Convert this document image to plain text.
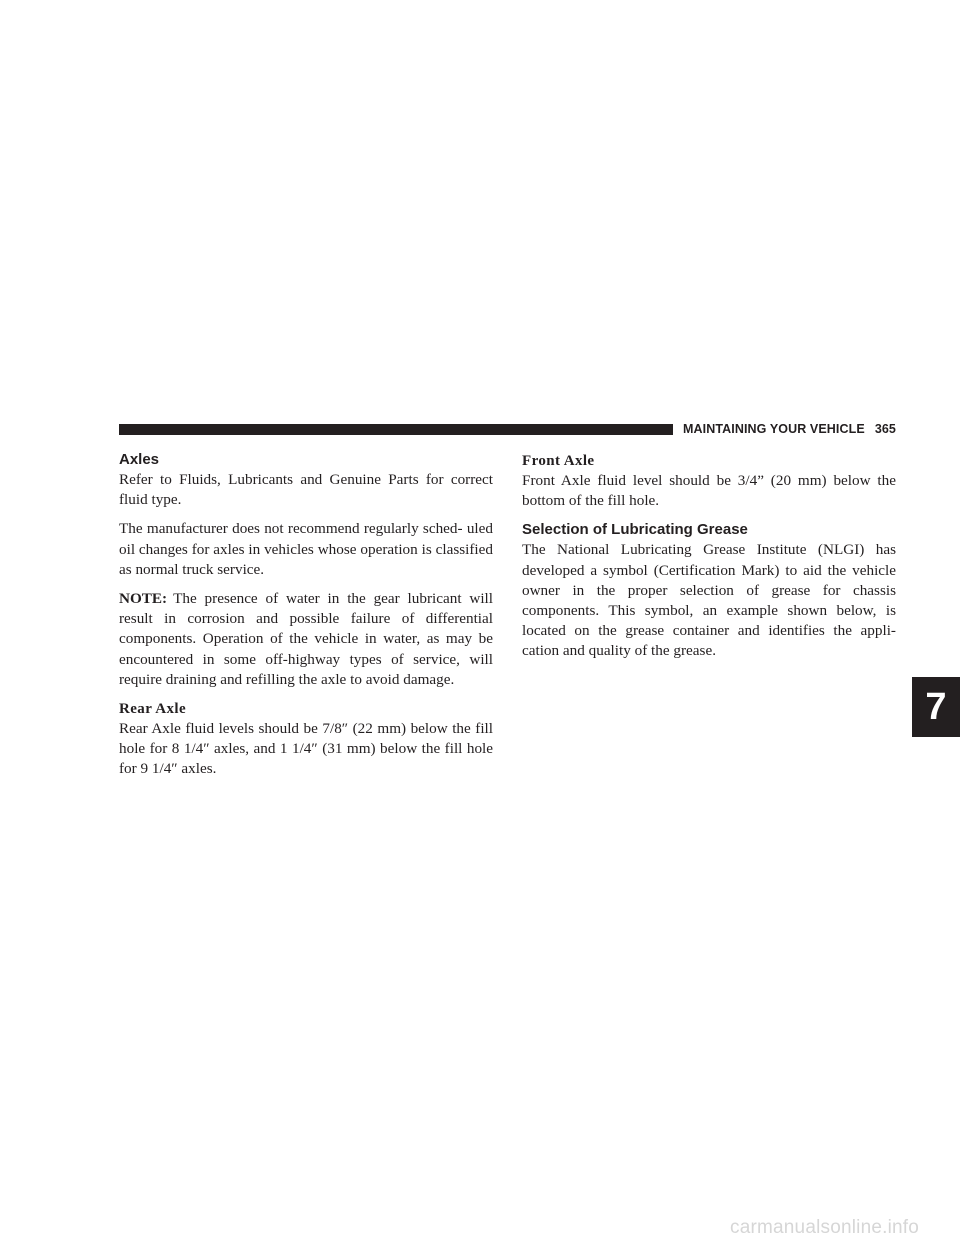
MAINTAINING YOUR VEHICLE 365
Axles

Refer to Fluids, Lubricants and Genuine Parts for correct fluid type.

The manufacturer does not recommend regularly sched- uled oil changes for axles in vehicles whose operation is classified as normal truck service.

NOTE: The presence of water in the gear lubricant will result in corrosion and possible failure of differential components. Operation of the vehicle in water, as may be encountered in some off-highway types of service, will require draining and refilling the axle to avoid damage.

Rear Axle

Rear Axle fluid levels should be 7/8″ (22 mm) below the fill hole for 8 1/4″ axles, and 1 1/4″ (31 mm) below the fill hole for 9 1/4″ axles.

Front Axle

Front Axle fluid level should be 3/4” (20 mm) below the bottom of the fill hole.

Selection of Lubricating Grease

The National Lubricating Grease Institute (NLGI) has developed a symbol (Certification Mark) to aid the vehicle owner in the proper selection of grease for chassis components. This symbol, an example shown below, is located on the grease container and identifies the appli- cation and quality of the grease.

7
carmanualsonline.info
